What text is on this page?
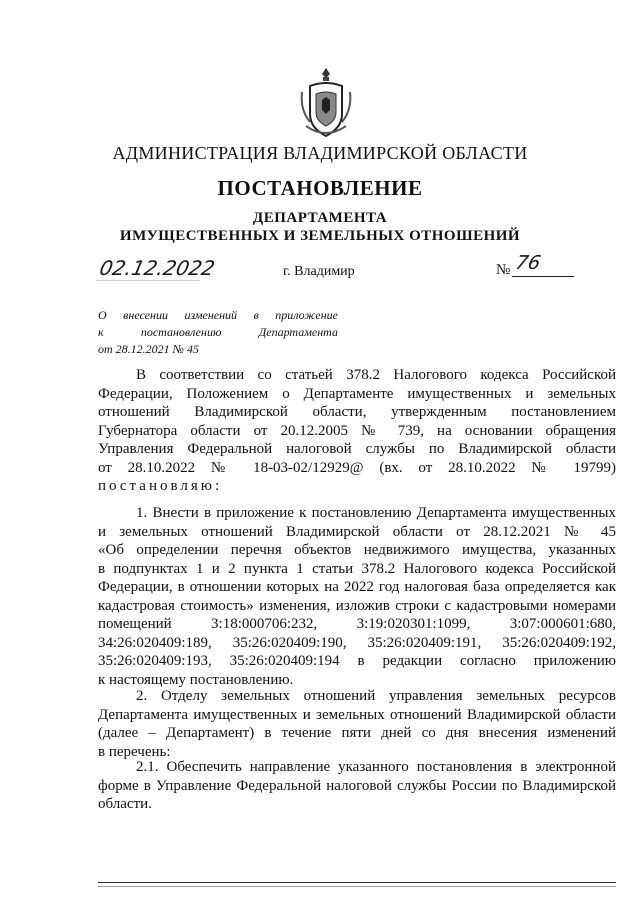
АДМИНИСТРАЦИЯ ВЛАДИМИРСКОЙ ОБЛАСТИ
ПОСТАНОВЛЕНИЕ
ДЕПАРТАМЕНТА
ИМУЩЕСТВЕННЫХ И ЗЕМЕЛЬНЫХ ОТНОШЕНИЙ
02.12.2022	г. Владимир	№ 76
О внесении изменений в приложение
к	постановлению	Департамента
от 28.12.2021 № 45
В соответствии со статьей 378.2 Налогового кодекса Российской
Федерации, Положением о Департаменте имущественных и земельных
отношений Владимирской области, утвержденным постановлением
Губернатора области от 20.12.2005 № 739, на основании обращения
Управления Федеральной налоговой службы по Владимирской области
от 28.10.2022 № 18-03-02/12929@ (вх. от 28.10.2022 № 19799)
постановляю:
1. Внести в приложение к постановлению Департамента имущественных
и земельных отношений Владимирской области от 28.12.2021 № 45
«Об определении перечня объектов недвижимого имущества, указанных
в подпунктах 1 и 2 пункта 1 статьи 378.2 Налогового кодекса Российской
Федерации, в отношении которых на 2022 год налоговая база определяется как
кадастровая стоимость» изменения, изложив строки с кадастровыми номерами
помещений 3:18:000706:232, 3:19:020301:1099, 3:07:000601:680,
34:26:020409:189, 35:26:020409:190, 35:26:020409:191, 35:26:020409:192,
35:26:020409:193, 35:26:020409:194 в редакции согласно приложению
к настоящему постановлению.
2. Отделу земельных отношений управления земельных ресурсов
Департамента имущественных и земельных отношений Владимирской области
(далее – Департамент) в течение пяти дней со дня внесения изменений
в перечень:
2.1. Обеспечить направление указанного постановления в электронной
форме в Управление Федеральной налоговой службы России по Владимирской
области.
